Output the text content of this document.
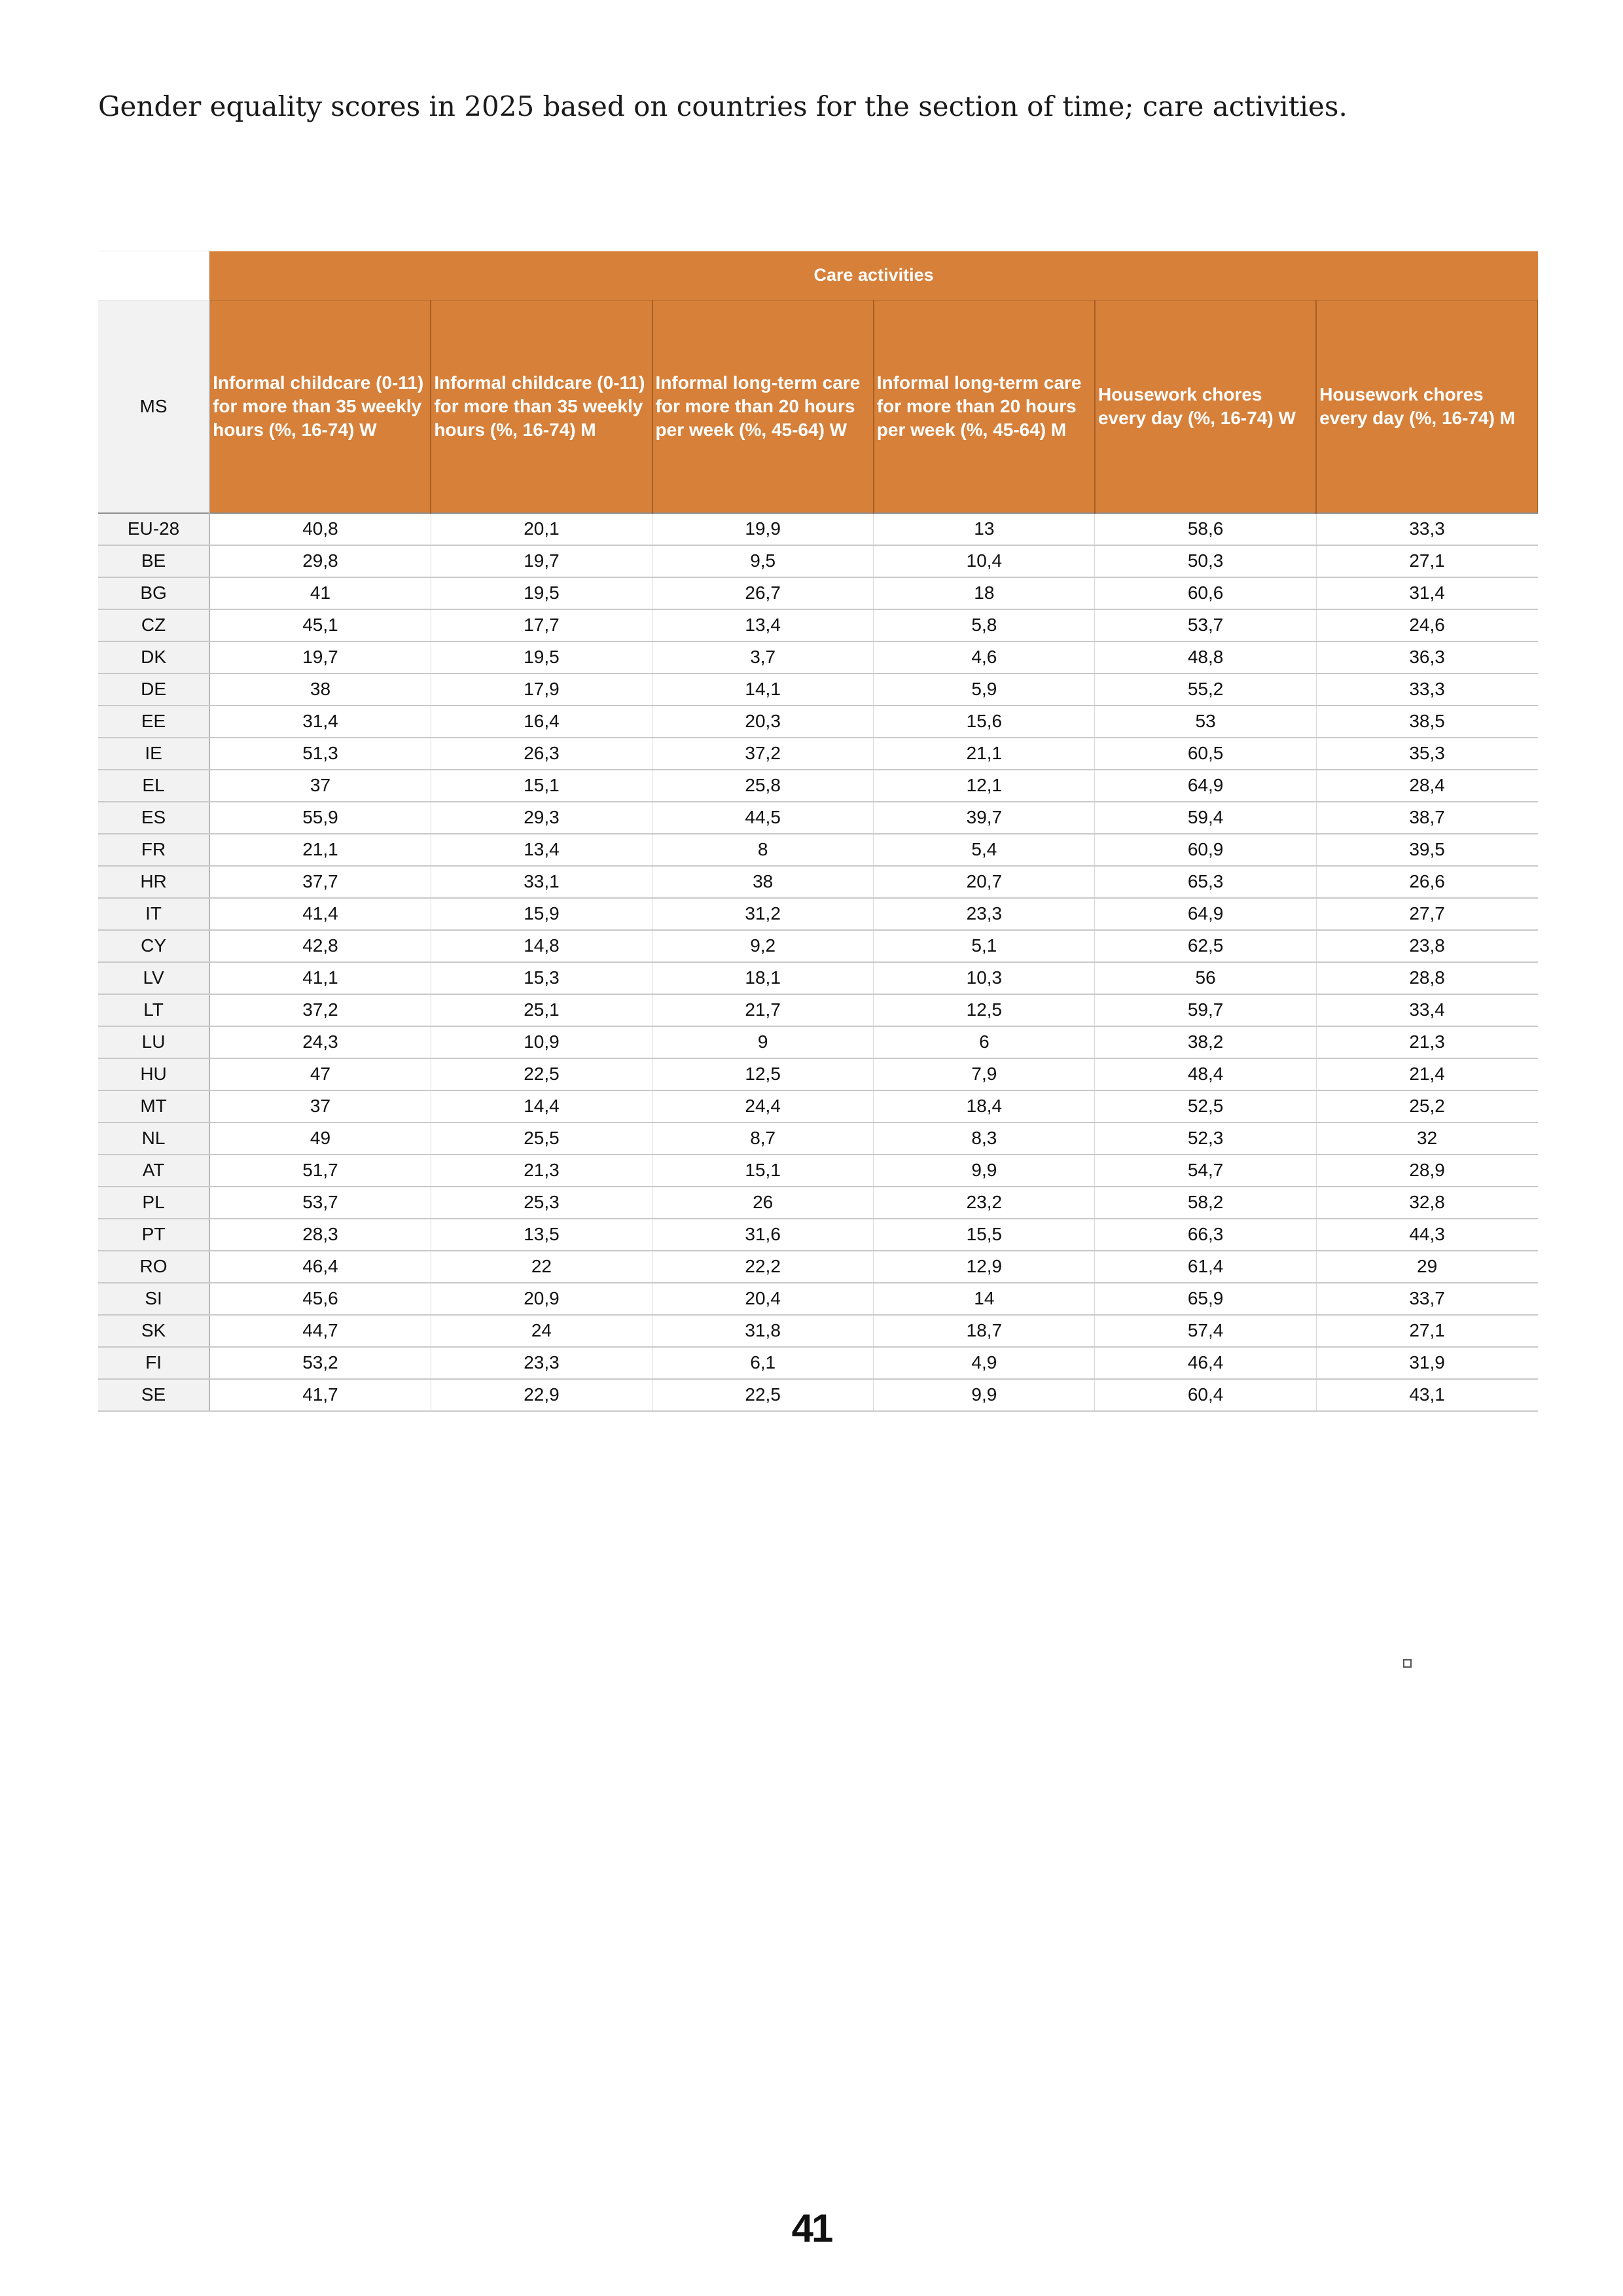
Gender equality scores in 2025 based on countries for the section of time; care activities.

	Care activities					
MS	Informal childcare (0-11) for more than 35 weekly hours (%, 16-74) W	Informal childcare (0-11) for more than 35 weekly hours (%, 16-74) M	Informal long-term care for more than 20 hours per week (%, 45-64) W	Informal long-term care for more than 20 hours per week (%, 45-64) M	Housework chores every day (%, 16-74) W	Housework chores every day (%, 16-74) M
EU-28	40,8	20,1	19,9	13	58,6	33,3
BE	29,8	19,7	9,5	10,4	50,3	27,1
BG	41	19,5	26,7	18	60,6	31,4
CZ	45,1	17,7	13,4	5,8	53,7	24,6
DK	19,7	19,5	3,7	4,6	48,8	36,3
DE	38	17,9	14,1	5,9	55,2	33,3
EE	31,4	16,4	20,3	15,6	53	38,5
IE	51,3	26,3	37,2	21,1	60,5	35,3
EL	37	15,1	25,8	12,1	64,9	28,4
ES	55,9	29,3	44,5	39,7	59,4	38,7
FR	21,1	13,4	8	5,4	60,9	39,5
HR	37,7	33,1	38	20,7	65,3	26,6
IT	41,4	15,9	31,2	23,3	64,9	27,7
CY	42,8	14,8	9,2	5,1	62,5	23,8
LV	41,1	15,3	18,1	10,3	56	28,8
LT	37,2	25,1	21,7	12,5	59,7	33,4
LU	24,3	10,9	9	6	38,2	21,3
HU	47	22,5	12,5	7,9	48,4	21,4
MT	37	14,4	24,4	18,4	52,5	25,2
NL	49	25,5	8,7	8,3	52,3	32
AT	51,7	21,3	15,1	9,9	54,7	28,9
PL	53,7	25,3	26	23,2	58,2	32,8
PT	28,3	13,5	31,6	15,5	66,3	44,3
RO	46,4	22	22,2	12,9	61,4	29
SI	45,6	20,9	20,4	14	65,9	33,7
SK	44,7	24	31,8	18,7	57,4	27,1
FI	53,2	23,3	6,1	4,9	46,4	31,9
SE	41,7	22,9	22,5	9,9	60,4	43,1
41
